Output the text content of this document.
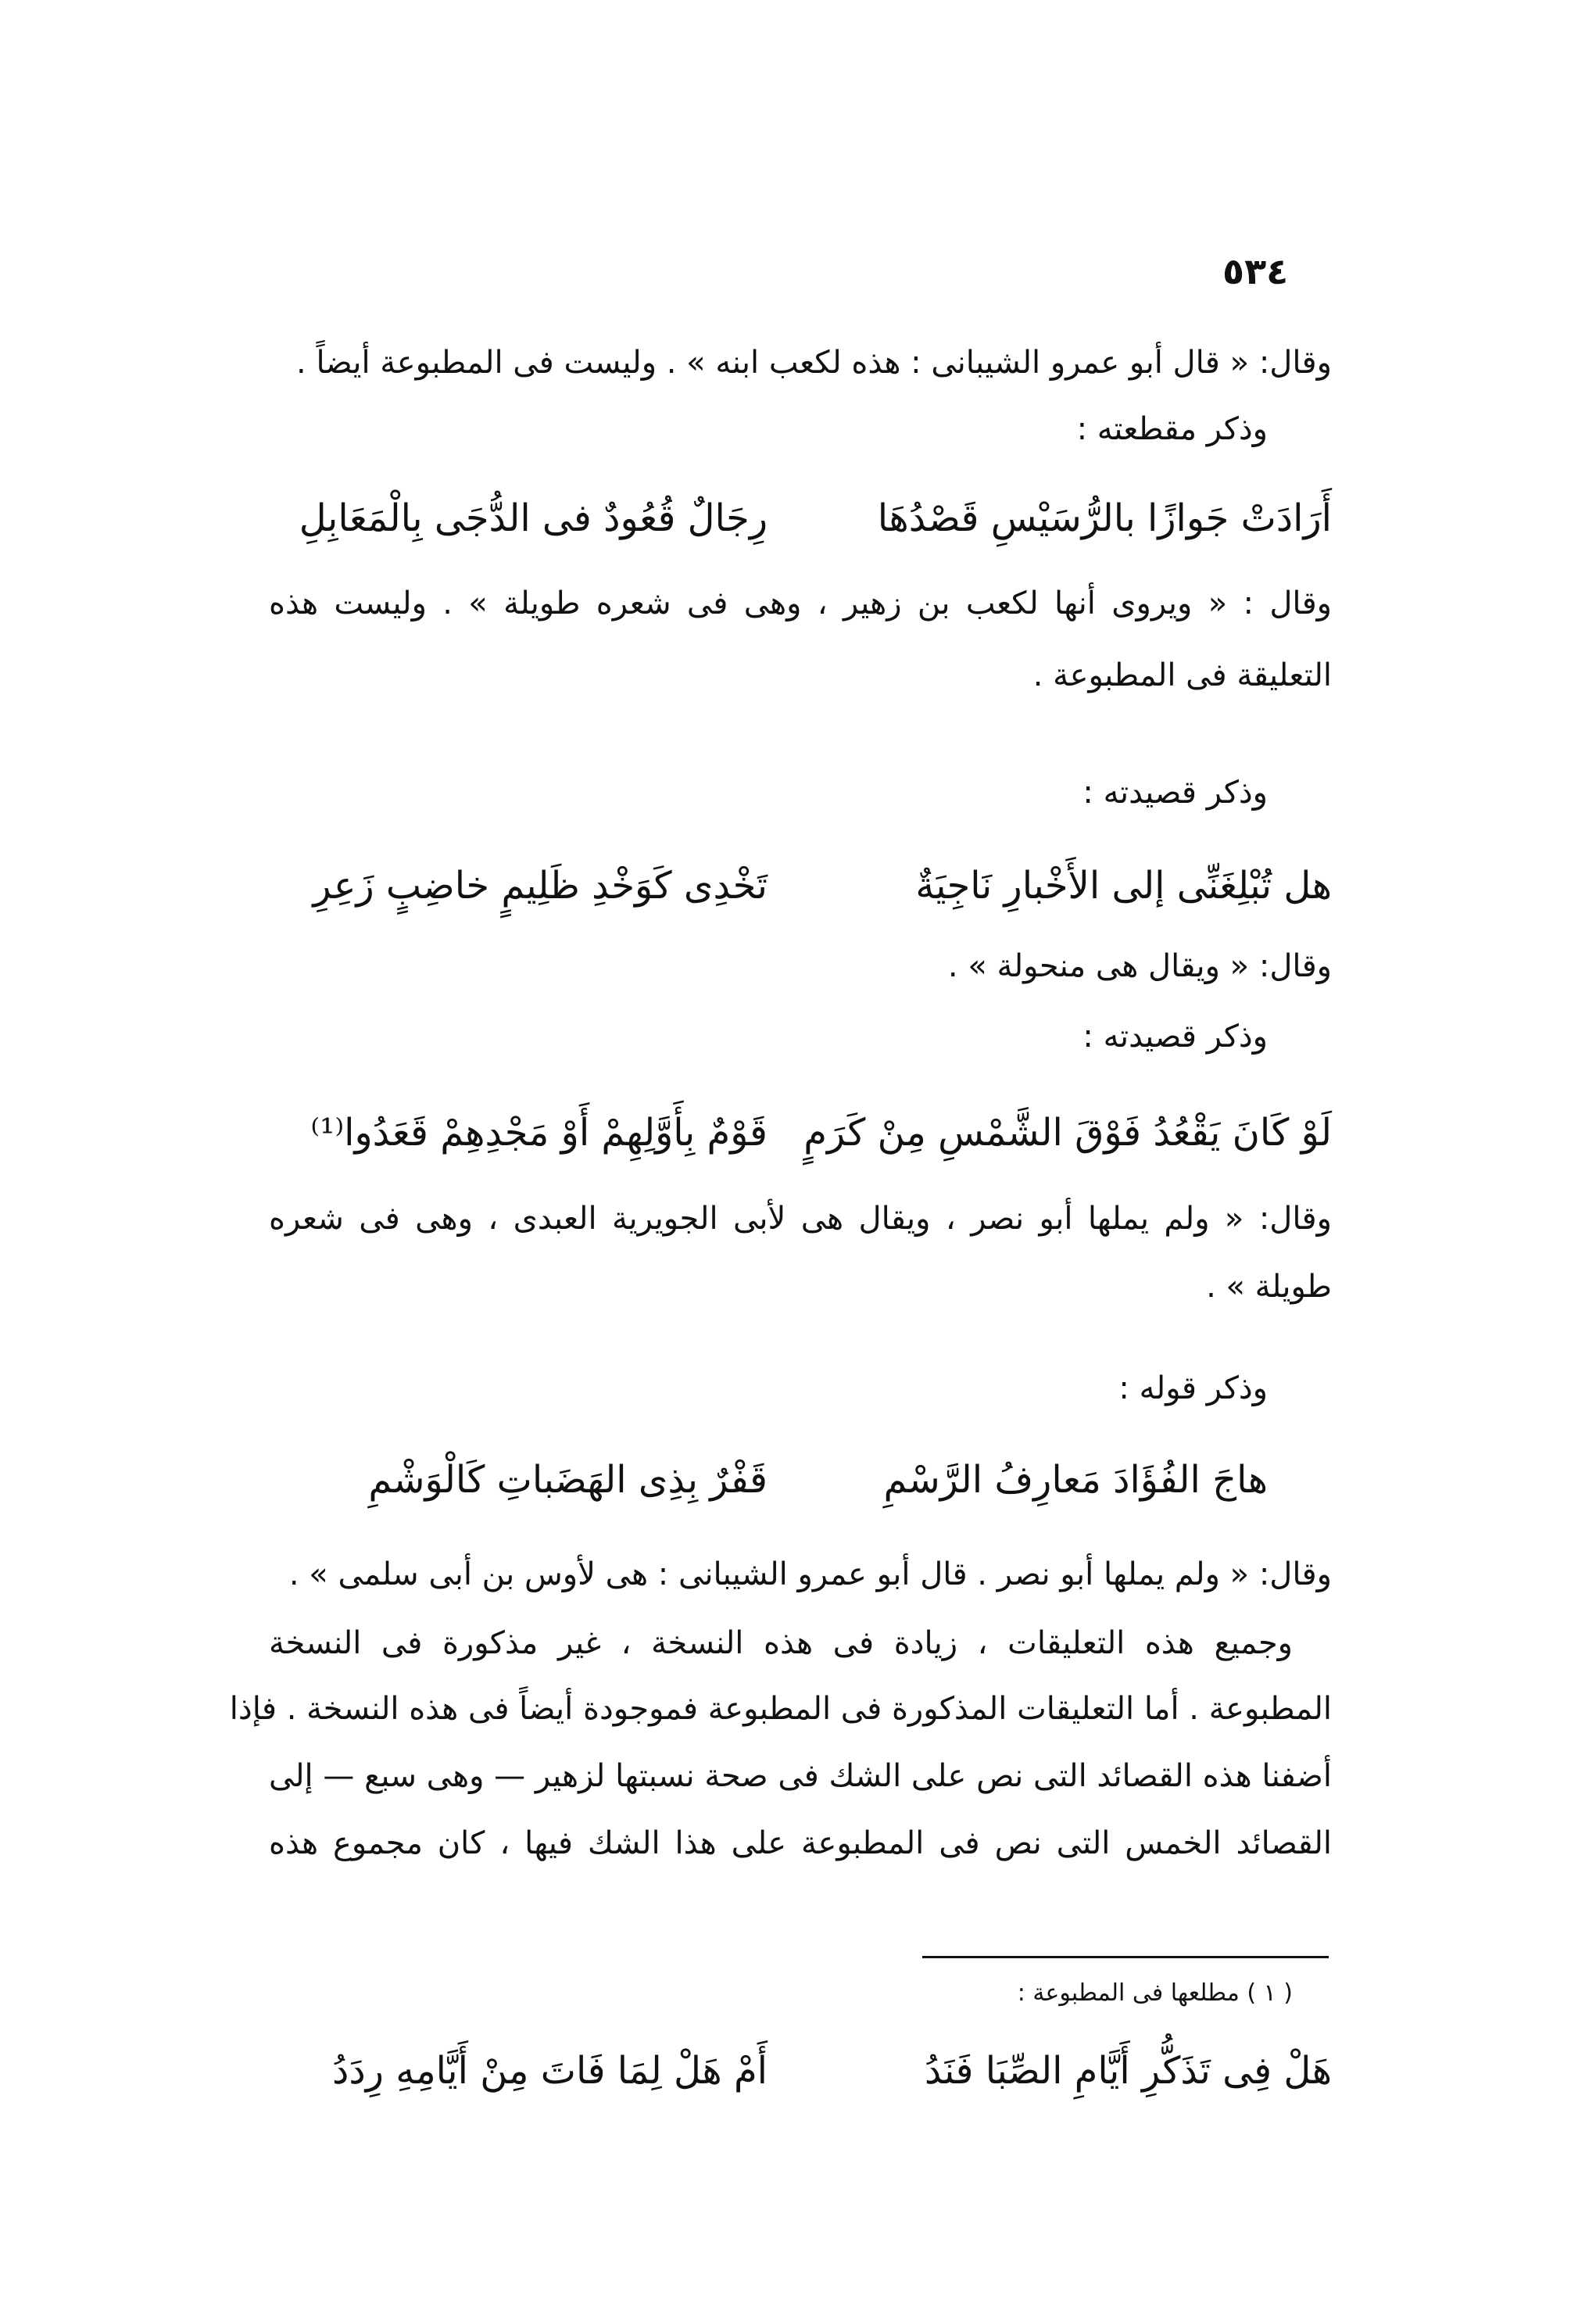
٥٣٤
وقال: « قال أبو عمرو الشيبانى : هذه لكعب ابنه » . وليست فى المطبوعة أيضاً .
وذكر مقطعته :
أَرَادَتْ جَوازًا بالرُّسَيْسِ قَصْدُهَا
رِجَالٌ قُعُودٌ فى الدُّجَى بِالْمَعَابِلِ
وقال : « ويروى أنها لكعب بن زهير ، وهى فى شعره طويلة » . وليست هذه
التعليقة فى المطبوعة .
وذكر قصيدته :
هل تُبْلِغَنِّى إلى الأَخْبارِ نَاجِيَةٌ
تَخْدِى كَوَخْدِ ظَلِيمٍ خاضِبٍ زَعِرِ
وقال: « ويقال هى منحولة » .
وذكر قصيدته :
لَوْ كَانَ يَقْعُدُ فَوْقَ الشَّمْسِ مِنْ كَرَمٍ
قَوْمٌ بِأَوَّلِهِمْ أَوْ مَجْدِهِمْ قَعَدُوا⁽¹⁾
وقال: « ولم يملها أبو نصر ، ويقال هى لأبى الجويرية العبدى ، وهى فى شعره
طويلة » .
وذكر قوله :
هاجَ الفُؤَادَ مَعارِفُ الرَّسْمِ
قَفْرٌ بِذِى الهَضَباتِ كَالْوَشْمِ
وقال: « ولم يملها أبو نصر . قال أبو عمرو الشيبانى : هى لأوس بن أبى سلمى » .
وجميع هذه التعليقات ، زيادة فى هذه النسخة ، غير مذكورة فى النسخة
المطبوعة . أما التعليقات المذكورة فى المطبوعة فموجودة أيضاً فى هذه النسخة . فإذا
أضفنا هذه القصائد التى نص على الشك فى صحة نسبتها لزهير — وهى سبع — إلى
القصائد الخمس التى نص فى المطبوعة على هذا الشك فيها ، كان مجموع هذه
( ١ ) مطلعها فى المطبوعة :
هَلْ فِى تَذَكُّرِ أَيَّامِ الصِّبَا فَنَدُ
أَمْ هَلْ لِمَا فَاتَ مِنْ أَيَّامِهِ رِدَدُ
